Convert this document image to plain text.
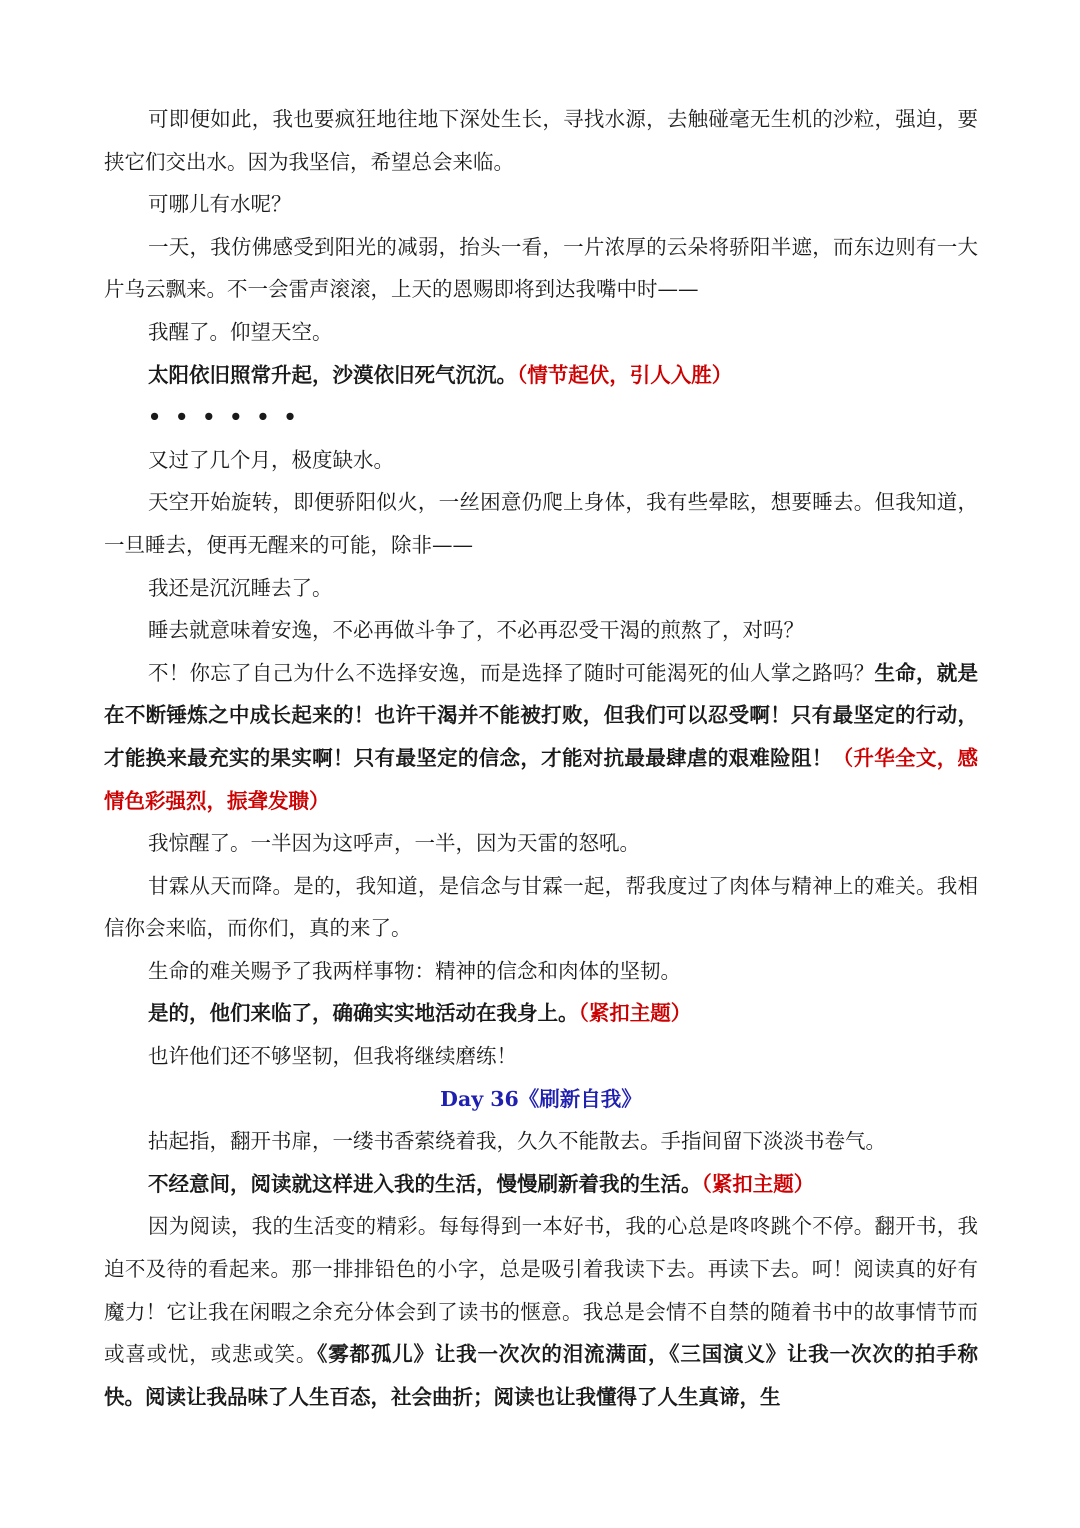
可即便如此，我也要疯狂地往地下深处生长，寻找水源，去触碰毫无生机的沙粒，强迫，要挟它们交出水。因为我坚信，希望总会来临。

可哪儿有水呢？

一天，我仿佛感受到阳光的减弱，抬头一看，一片浓厚的云朵将骄阳半遮，而东边则有一大片乌云飘来。不一会雷声滚滚，上天的恩赐即将到达我嘴中时——

我醒了。仰望天空。

太阳依旧照常升起，沙漠依旧死气沉沉。（情节起伏，引人入胜）

••••••

又过了几个月，极度缺水。

天空开始旋转，即便骄阳似火，一丝困意仍爬上身体，我有些晕眩，想要睡去。但我知道，一旦睡去，便再无醒来的可能，除非——

我还是沉沉睡去了。

睡去就意味着安逸，不必再做斗争了，不必再忍受干渴的煎熬了，对吗？

不！你忘了自己为什么不选择安逸，而是选择了随时可能渴死的仙人掌之路吗？生命，就是在不断锤炼之中成长起来的！也许干渴并不能被打败，但我们可以忍受啊！只有最坚定的行动，才能换来最充实的果实啊！只有最坚定的信念，才能对抗最最肆虐的艰难险阻！（升华全文，感情色彩强烈，振聋发聩）

我惊醒了。一半因为这呼声，一半，因为天雷的怒吼。

甘霖从天而降。是的，我知道，是信念与甘霖一起，帮我度过了肉体与精神上的难关。我相信你会来临，而你们，真的来了。

生命的难关赐予了我两样事物：精神的信念和肉体的坚韧。

是的，他们来临了，确确实实地活动在我身上。（紧扣主题）

也许他们还不够坚韧，但我将继续磨练！

Day 36《刷新自我》

拈起指，翻开书扉，一缕书香萦绕着我，久久不能散去。手指间留下淡淡书卷气。

不经意间，阅读就这样进入我的生活，慢慢刷新着我的生活。（紧扣主题）

因为阅读，我的生活变的精彩。每每得到一本好书，我的心总是咚咚跳个不停。翻开书，我迫不及待的看起来。那一排排铅色的小字，总是吸引着我读下去。再读下去。呵！阅读真的好有魔力！它让我在闲暇之余充分体会到了读书的惬意。我总是会情不自禁的随着书中的故事情节而或喜或忧，或悲或笑。《雾都孤儿》让我一次次的泪流满面，《三国演义》让我一次次的拍手称快。阅读让我品味了人生百态，社会曲折；阅读也让我懂得了人生真谛，生
